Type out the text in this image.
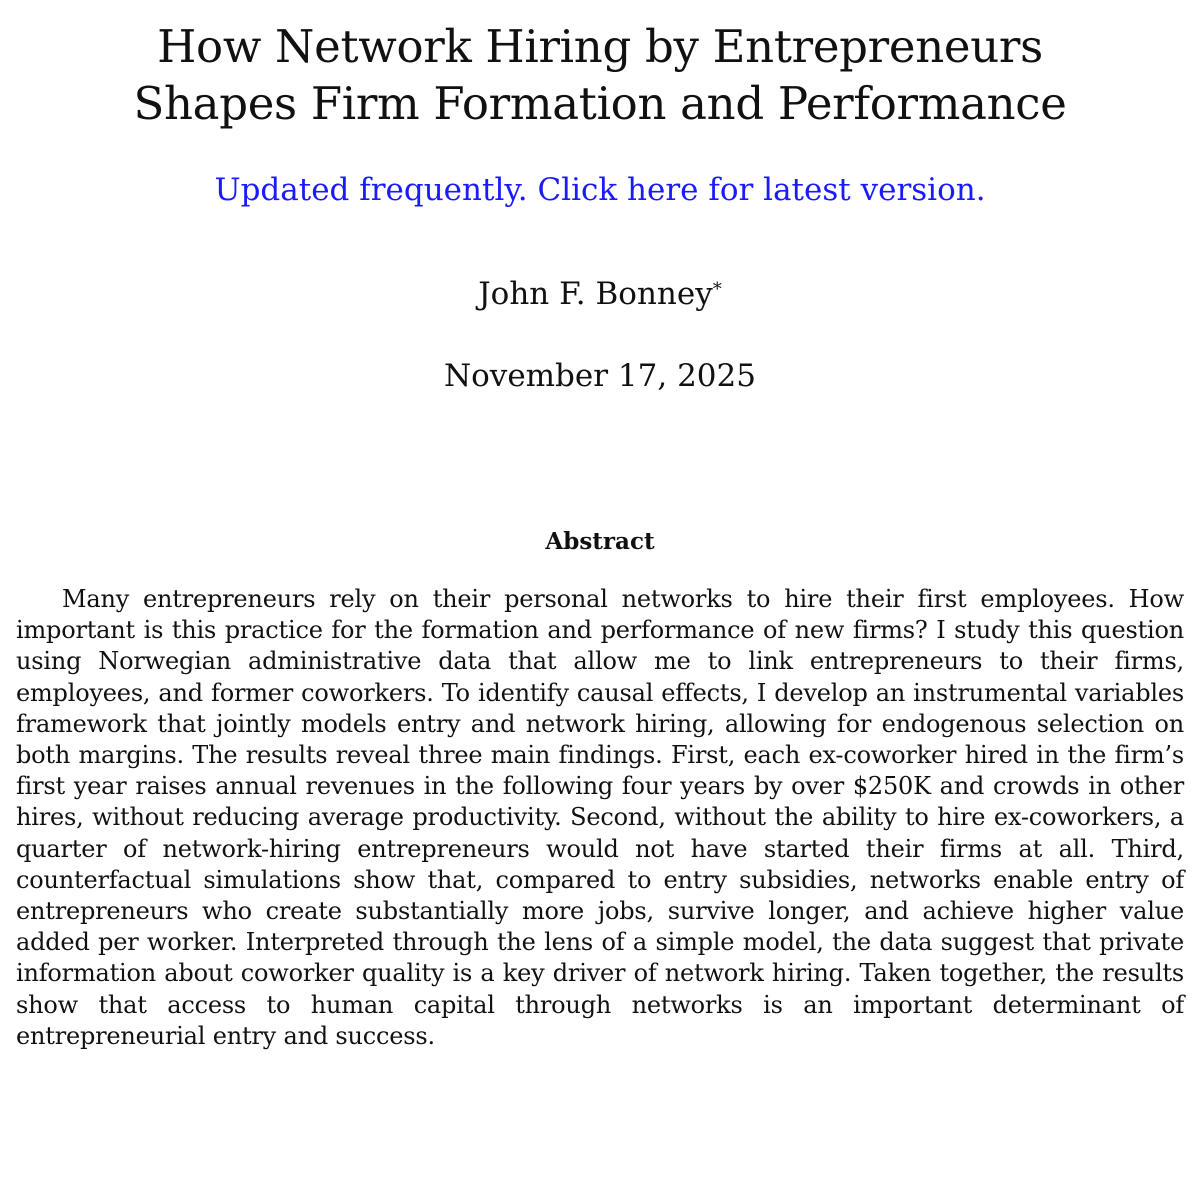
How Network Hiring by Entrepreneurs
Shapes Firm Formation and Performance
Updated frequently. Click here for latest version.
John F. Bonney*
November 17, 2025
Abstract

Many entrepreneurs rely on their personal networks to hire their first employees. How important is this practice for the formation and performance of new firms? I study this question using Norwegian administrative data that allow me to link entrepreneurs to their firms, employees, and former coworkers. To identify causal effects, I develop an instrumental variables framework that jointly models entry and network hiring, allowing for endogenous selection on both margins. The results reveal three main findings. First, each ex-coworker hired in the firm’s first year raises annual revenues in the following four years by over $250K and crowds in other hires, without reducing average productivity. Second, without the ability to hire ex-coworkers, a quarter of network-hiring entrepreneurs would not have started their firms at all. Third, counterfactual simulations show that, compared to entry subsidies, networks enable entry of entrepreneurs who create substantially more jobs, survive longer, and achieve higher value added per worker. Interpreted through the lens of a simple model, the data suggest that private information about coworker quality is a key driver of network hiring. Taken together, the results show that access to human capital through networks is an important determinant of entrepreneurial entry and success.
